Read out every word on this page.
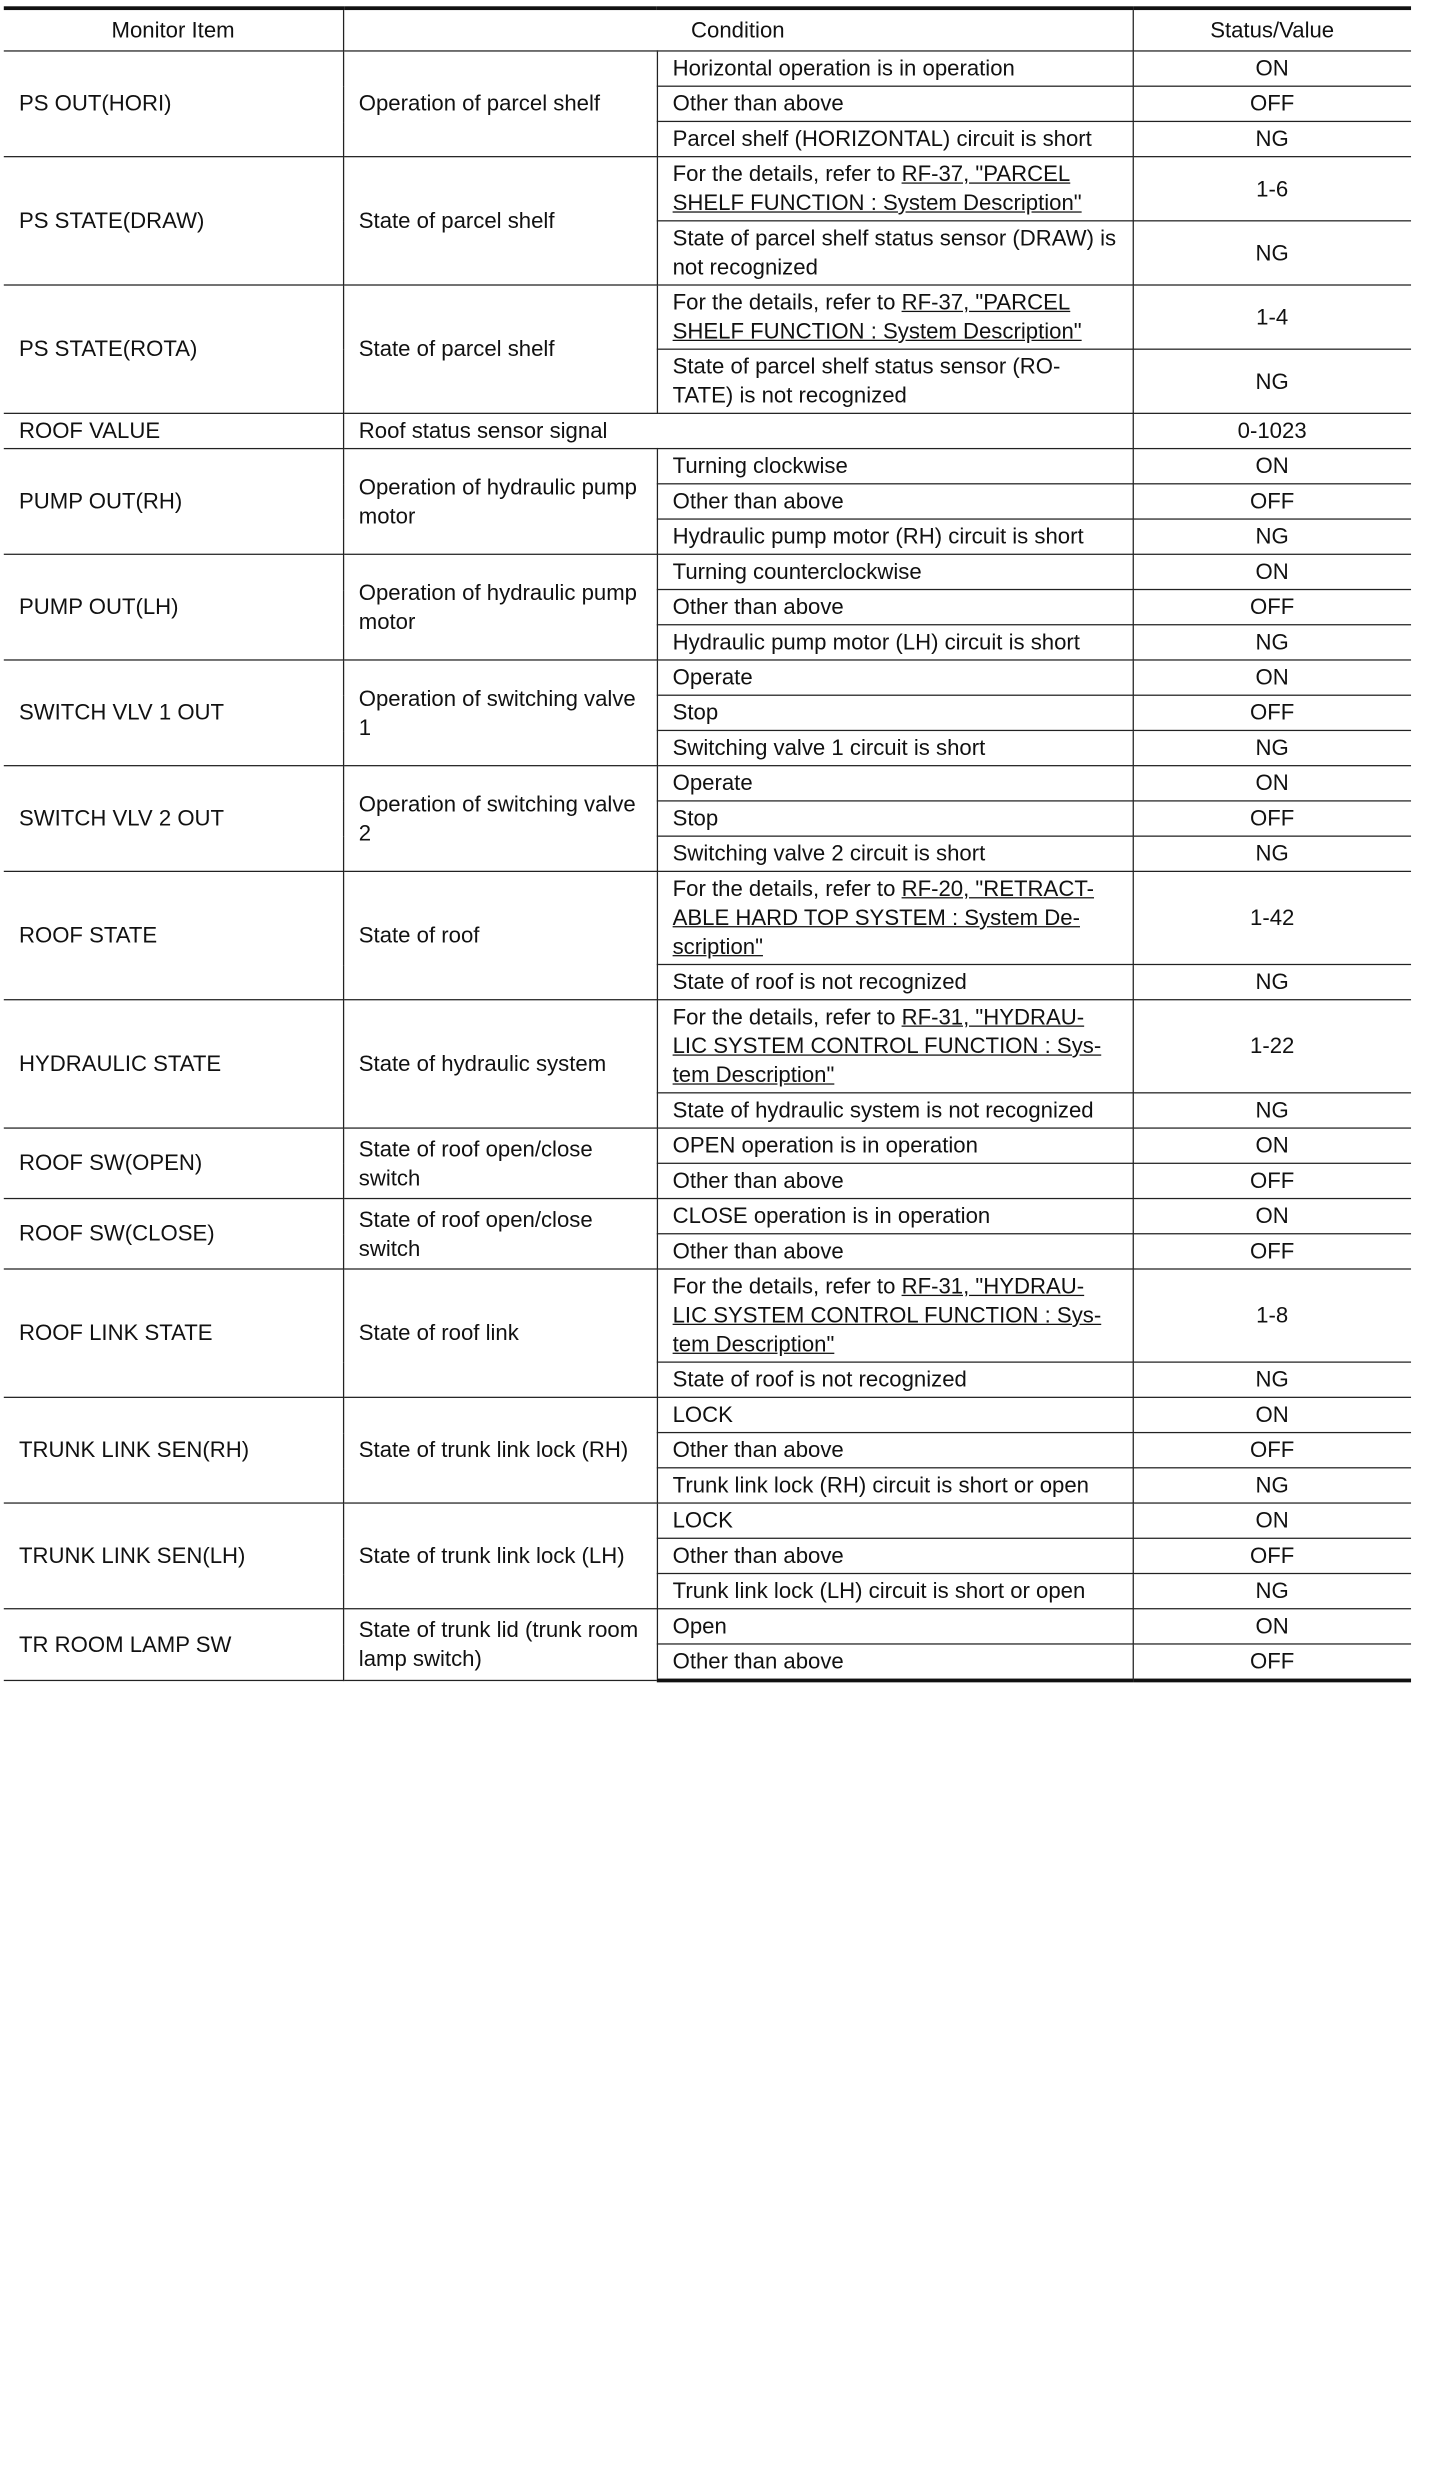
Monitor Item	Condition		Status/Value
PS OUT(HORI)	Operation of parcel shelf	Horizontal operation is in operation	ON
		Other than above	OFF
		Parcel shelf (HORIZONTAL) circuit is short	NG
PS STATE(DRAW)	State of parcel shelf	For the details, refer to RF-37, "PARCEL SHELF FUNCTION : System Description"	1-6
		State of parcel shelf status sensor (DRAW) is not recognized	NG
PS STATE(ROTA)	State of parcel shelf	For the details, refer to RF-37, "PARCEL SHELF FUNCTION : System Description"	1-4
		State of parcel shelf status sensor (RO-TATE) is not recognized	NG
ROOF VALUE	Roof status sensor signal		0-1023
PUMP OUT(RH)	Operation of hydraulic pump motor	Turning clockwise	ON
		Other than above	OFF
		Hydraulic pump motor (RH) circuit is short	NG
PUMP OUT(LH)	Operation of hydraulic pump motor	Turning counterclockwise	ON
		Other than above	OFF
		Hydraulic pump motor (LH) circuit is short	NG
SWITCH VLV 1 OUT	Operation of switching valve 1	Operate	ON
		Stop	OFF
		Switching valve 1 circuit is short	NG
SWITCH VLV 2 OUT	Operation of switching valve 2	Operate	ON
		Stop	OFF
		Switching valve 2 circuit is short	NG
ROOF STATE	State of roof	For the details, refer to RF-20, "RETRACT-ABLE HARD TOP SYSTEM : System De-scription"	1-42
		State of roof is not recognized	NG
HYDRAULIC STATE	State of hydraulic system	For the details, refer to RF-31, "HYDRAU-LIC SYSTEM CONTROL FUNCTION : Sys-tem Description"	1-22
		State of hydraulic system is not recognized	NG
ROOF SW(OPEN)	State of roof open/close switch	OPEN operation is in operation	ON
		Other than above	OFF
ROOF SW(CLOSE)	State of roof open/close switch	CLOSE operation is in operation	ON
		Other than above	OFF
ROOF LINK STATE	State of roof link	For the details, refer to RF-31, "HYDRAU-LIC SYSTEM CONTROL FUNCTION : Sys-tem Description"	1-8
		State of roof is not recognized	NG
TRUNK LINK SEN(RH)	State of trunk link lock (RH)	LOCK	ON
		Other than above	OFF
		Trunk link lock (RH) circuit is short or open	NG
TRUNK LINK SEN(LH)	State of trunk link lock (LH)	LOCK	ON
		Other than above	OFF
		Trunk link lock (LH) circuit is short or open	NG
TR ROOM LAMP SW	State of trunk lid (trunk room lamp switch)	Open	ON
		Other than above	OFF
